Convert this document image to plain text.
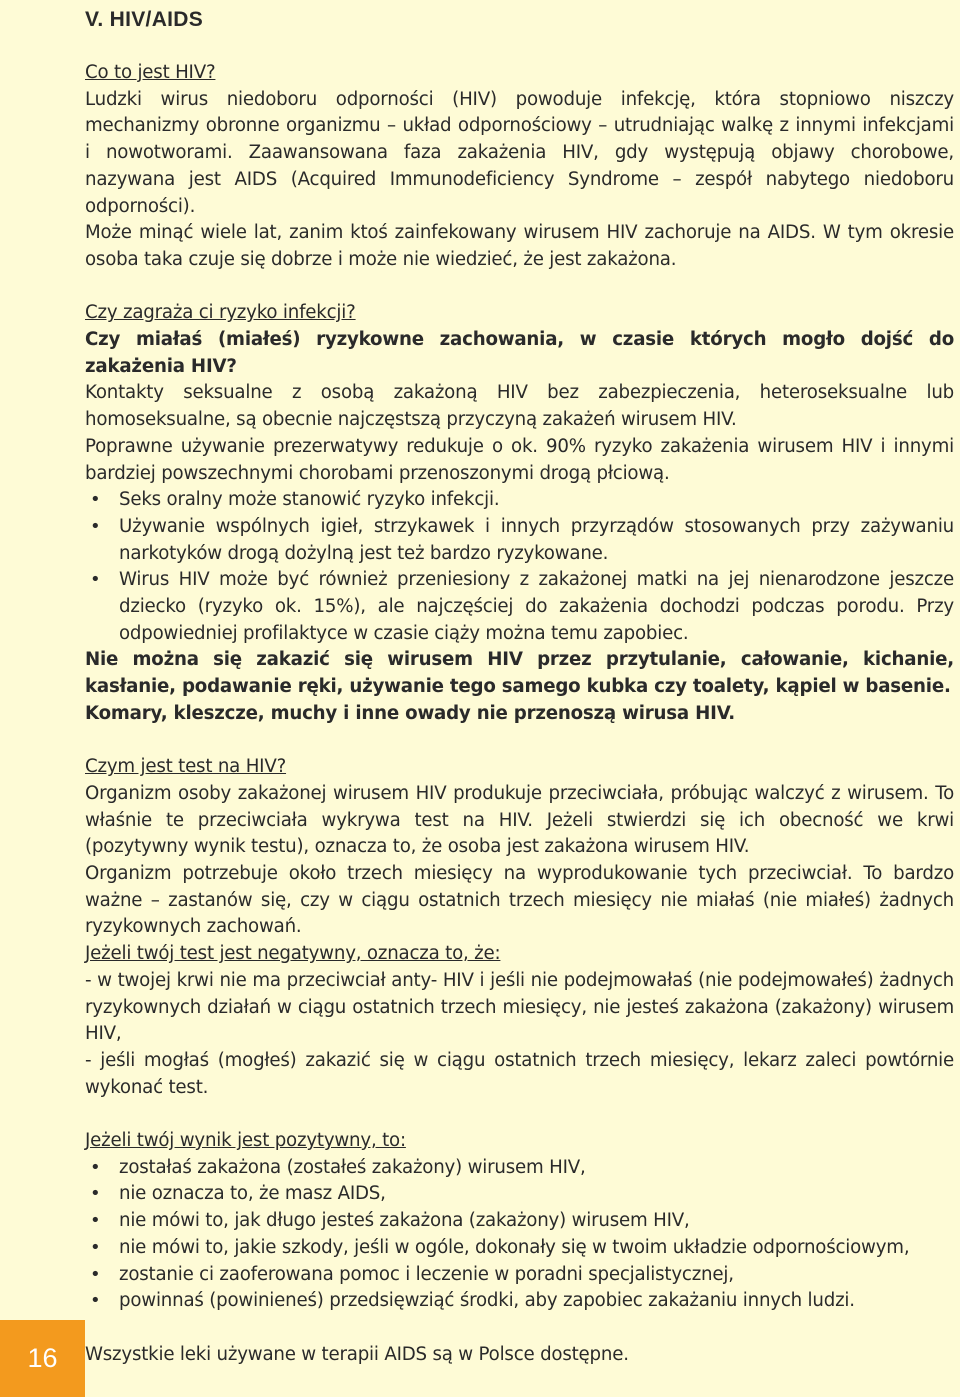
V. HIV/AIDS

Co to jest HIV?

Ludzki wirus niedoboru odporności (HIV) powoduje infekcję, która stopniowo niszczy mechanizmy obronne organizmu – układ odpornościowy – utrudniając walkę z innymi infekcjami i nowotworami. Zaawansowana faza zakażenia HIV, gdy występują objawy chorobowe, nazywana jest AIDS (Acquired Immunodeficiency Syndrome – zespół nabytego niedoboru odporności).

Może minąć wiele lat, zanim ktoś zainfekowany wirusem HIV zachoruje na AIDS. W tym okresie osoba taka czuje się dobrze i może nie wiedzieć, że jest zakażona.

Czy zagraża ci ryzyko infekcji?

Czy miałaś (miałeś) ryzykowne zachowania, w czasie których mogło dojść do zakażenia HIV?

Kontakty seksualne z osobą zakażoną HIV bez zabezpieczenia, heteroseksualne lub homoseksualne, są obecnie najczęstszą przyczyną zakażeń wirusem HIV.

Poprawne używanie prezerwatywy redukuje o ok. 90% ryzyko zakażenia wirusem HIV i innymi bardziej powszechnymi chorobami przenoszonymi drogą płciową.

• Seks oralny może stanowić ryzyko infekcji.
• Używanie wspólnych igieł, strzykawek i innych przyrządów stosowanych przy zażywaniu narkotyków drogą dożylną jest też bardzo ryzykowane.
• Wirus HIV może być również przeniesiony z zakażonej matki na jej nienarodzone jeszcze dziecko (ryzyko ok. 15%), ale najczęściej do zakażenia dochodzi podczas porodu. Przy odpowiedniej profilaktyce w czasie ciąży można temu zapobiec.

Nie można się zakazić się wirusem HIV przez przytulanie, całowanie, kichanie, kasłanie, podawanie ręki, używanie tego samego kubka czy toalety, kąpiel w basenie.

Komary, kleszcze, muchy i inne owady nie przenoszą wirusa HIV.

Czym jest test na HIV?

Organizm osoby zakażonej wirusem HIV produkuje przeciwciała, próbując walczyć z wirusem. To właśnie te przeciwciała wykrywa test na HIV. Jeżeli stwierdzi się ich obecność we krwi (pozytywny wynik testu), oznacza to, że osoba jest zakażona wirusem HIV.

Organizm potrzebuje około trzech miesięcy na wyprodukowanie tych przeciwciał. To bardzo ważne – zastanów się, czy w ciągu ostatnich trzech miesięcy nie miałaś (nie miałeś) żadnych ryzykownych zachowań.

Jeżeli twój test jest negatywny, oznacza to, że:

- w twojej krwi nie ma przeciwciał anty- HIV i jeśli nie podejmowałaś (nie podejmowałeś) żadnych ryzykownych działań w ciągu ostatnich trzech miesięcy, nie jesteś zakażona (zakażony) wirusem HIV,

- jeśli mogłaś (mogłeś) zakazić się w ciągu ostatnich trzech miesięcy, lekarz zaleci powtórnie wykonać test.

Jeżeli twój wynik jest pozytywny, to:

• zostałaś zakażona (zostałeś zakażony) wirusem HIV,
• nie oznacza to, że masz AIDS,
• nie mówi to, jak długo jesteś zakażona (zakażony) wirusem HIV,
• nie mówi to, jakie szkody, jeśli w ogóle, dokonały się w twoim układzie odpornościowym,
• zostanie ci zaoferowana pomoc i leczenie w poradni specjalistycznej,
• powinnaś (powinieneś) przedsięwziąć środki, aby zapobiec zakażaniu innych ludzi.

Wszystkie leki używane w terapii AIDS są w Polsce dostępne.

16
